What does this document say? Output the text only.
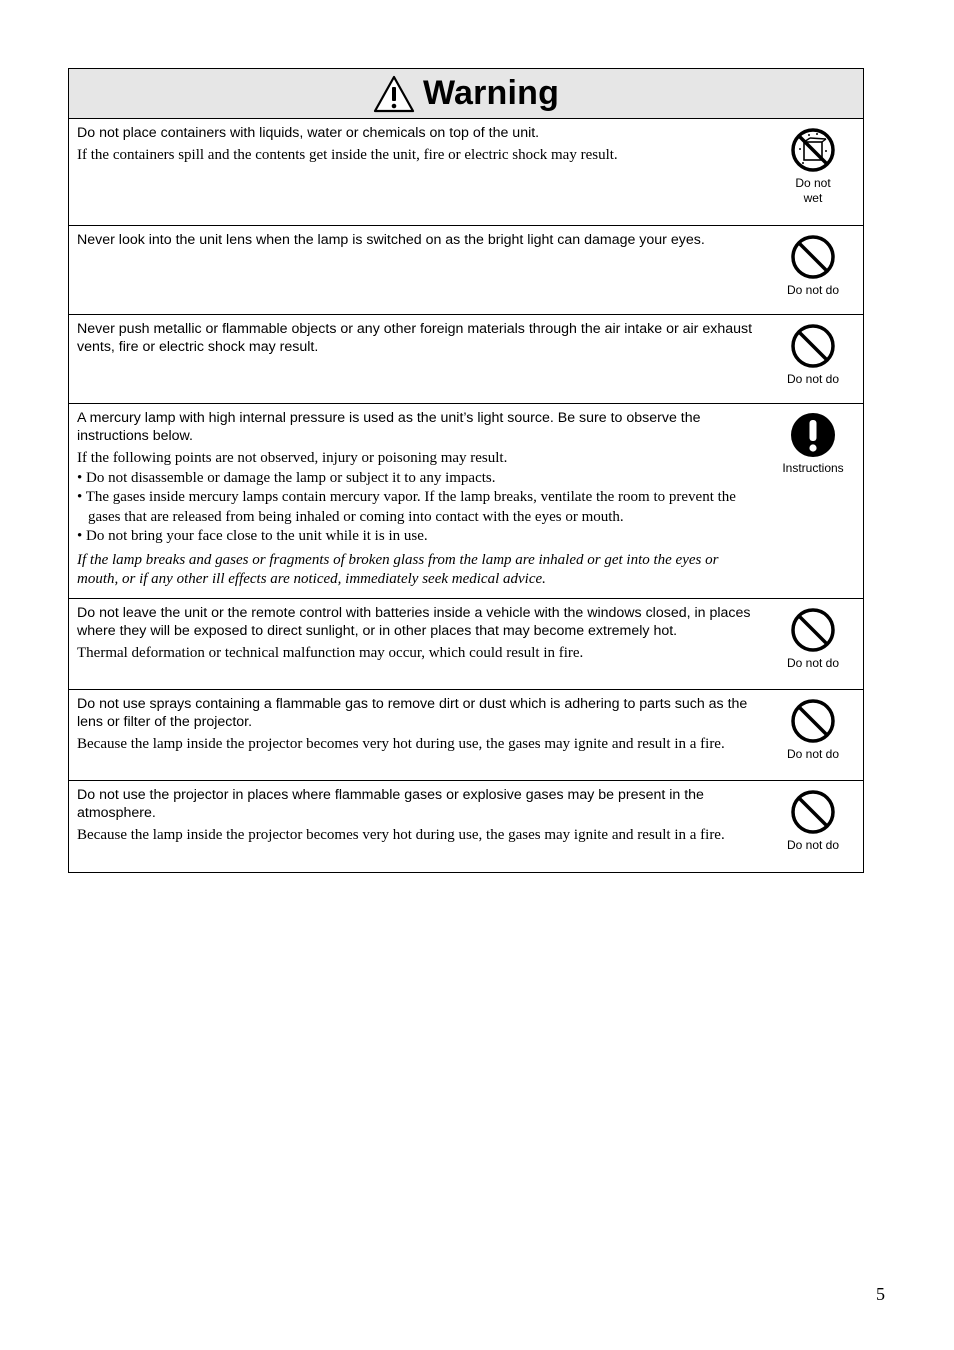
Warning

Do not place containers with liquids, water or chemicals on top of the unit.

If the containers spill and the contents get inside the unit, fire or electric shock may result.

Do not
wet

Never look into the unit lens when the lamp is switched on as the bright light can damage your eyes.

Do not do

Never push metallic or flammable objects or any other foreign materials through the air intake or air exhaust vents, fire or electric shock may result.

Do not do

A mercury lamp with high internal pressure is used as the unit’s light source. Be sure to observe the instructions below.

If the following points are not observed, injury or poisoning may result.

• Do not disassemble or damage the lamp or subject it to any impacts.

• The gases inside mercury lamps contain mercury vapor. If the lamp breaks, ventilate the room to prevent the gases that are released from being inhaled or coming into contact with the eyes or mouth.

• Do not bring your face close to the unit while it is in use.

If the lamp breaks and gases or fragments of broken glass from the lamp are inhaled or get into the eyes or mouth, or if any other ill effects are noticed, immediately seek medical advice.

Instructions

Do not leave the unit or the remote control with batteries inside a vehicle with the windows closed, in places where they will be exposed to direct sunlight, or in other places that may become extremely hot.

Thermal deformation or technical malfunction may occur, which could result in fire.

Do not do

Do not use sprays containing a flammable gas to remove dirt or dust which is adhering to parts such as the lens or filter of the projector.

Because the lamp inside the projector becomes very hot during use, the gases may ignite and result in a fire.

Do not do

Do not use the projector in places where flammable gases or explosive gases may be present in the atmosphere.

Because the lamp inside the projector becomes very hot during use, the gases may ignite and result in a fire.

Do not do
5
